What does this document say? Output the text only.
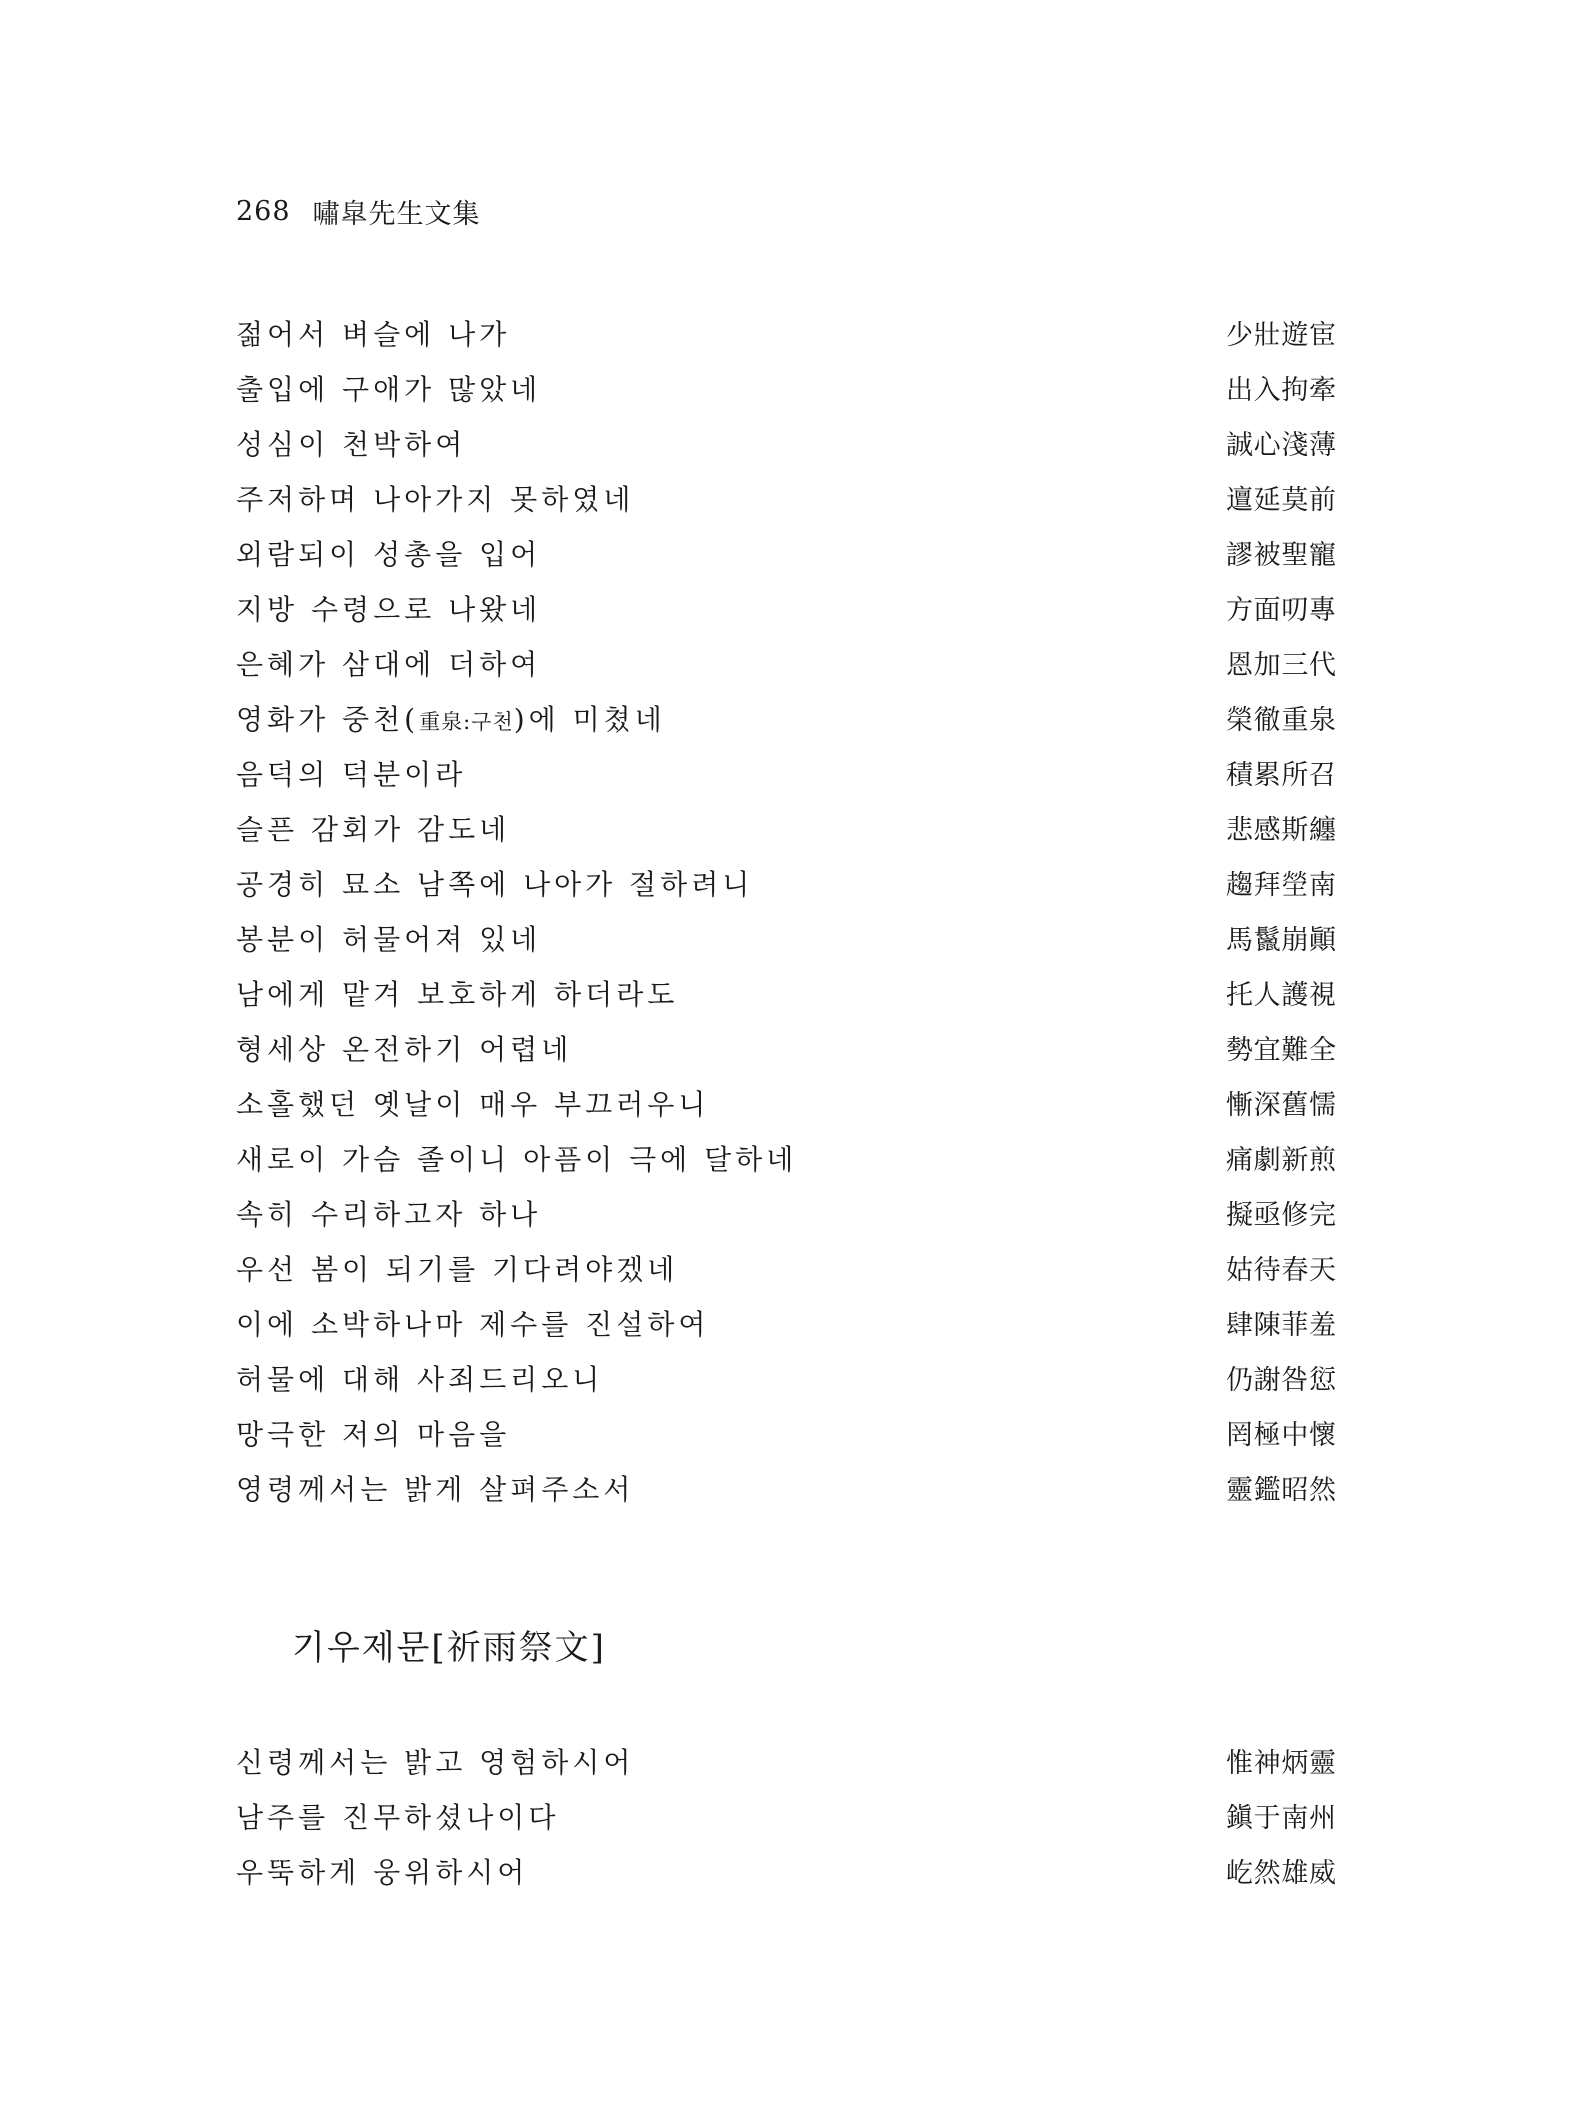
268 嘯皐先生文集
젊어서 벼슬에 나가	少壯遊宦
출입에 구애가 많았네	出入拘牽
성심이 천박하여	誠心淺薄
주저하며 나아가지 못하였네	邅延莫前
외람되이 성총을 입어	謬被聖寵
지방 수령으로 나왔네	方面叨專
은혜가 삼대에 더하여	恩加三代
영화가 중천(重泉:구천)에 미쳤네	榮徹重泉
음덕의 덕분이라	積累所召
슬픈 감회가 감도네	悲感斯纏
공경히 묘소 남쪽에 나아가 절하려니	趨拜塋南
봉분이 허물어져 있네	馬鬣崩顚
남에게 맡겨 보호하게 하더라도	托人護視
형세상 온전하기 어렵네	勢宜難全
소홀했던 옛날이 매우 부끄러우니	慚深舊懦
새로이 가슴 졸이니 아픔이 극에 달하네	痛劇新煎
속히 수리하고자 하나	擬亟修完
우선 봄이 되기를 기다려야겠네	姑待春天
이에 소박하나마 제수를 진설하여	肆陳菲羞
허물에 대해 사죄드리오니	仍謝咎愆
망극한 저의 마음을	罔極中懷
영령께서는 밝게 살펴주소서	靈鑑昭然
기우제문[祈雨祭文]
신령께서는 밝고 영험하시어	惟神炳靈
남주를 진무하셨나이다	鎭于南州
우뚝하게 웅위하시어	屹然雄威
